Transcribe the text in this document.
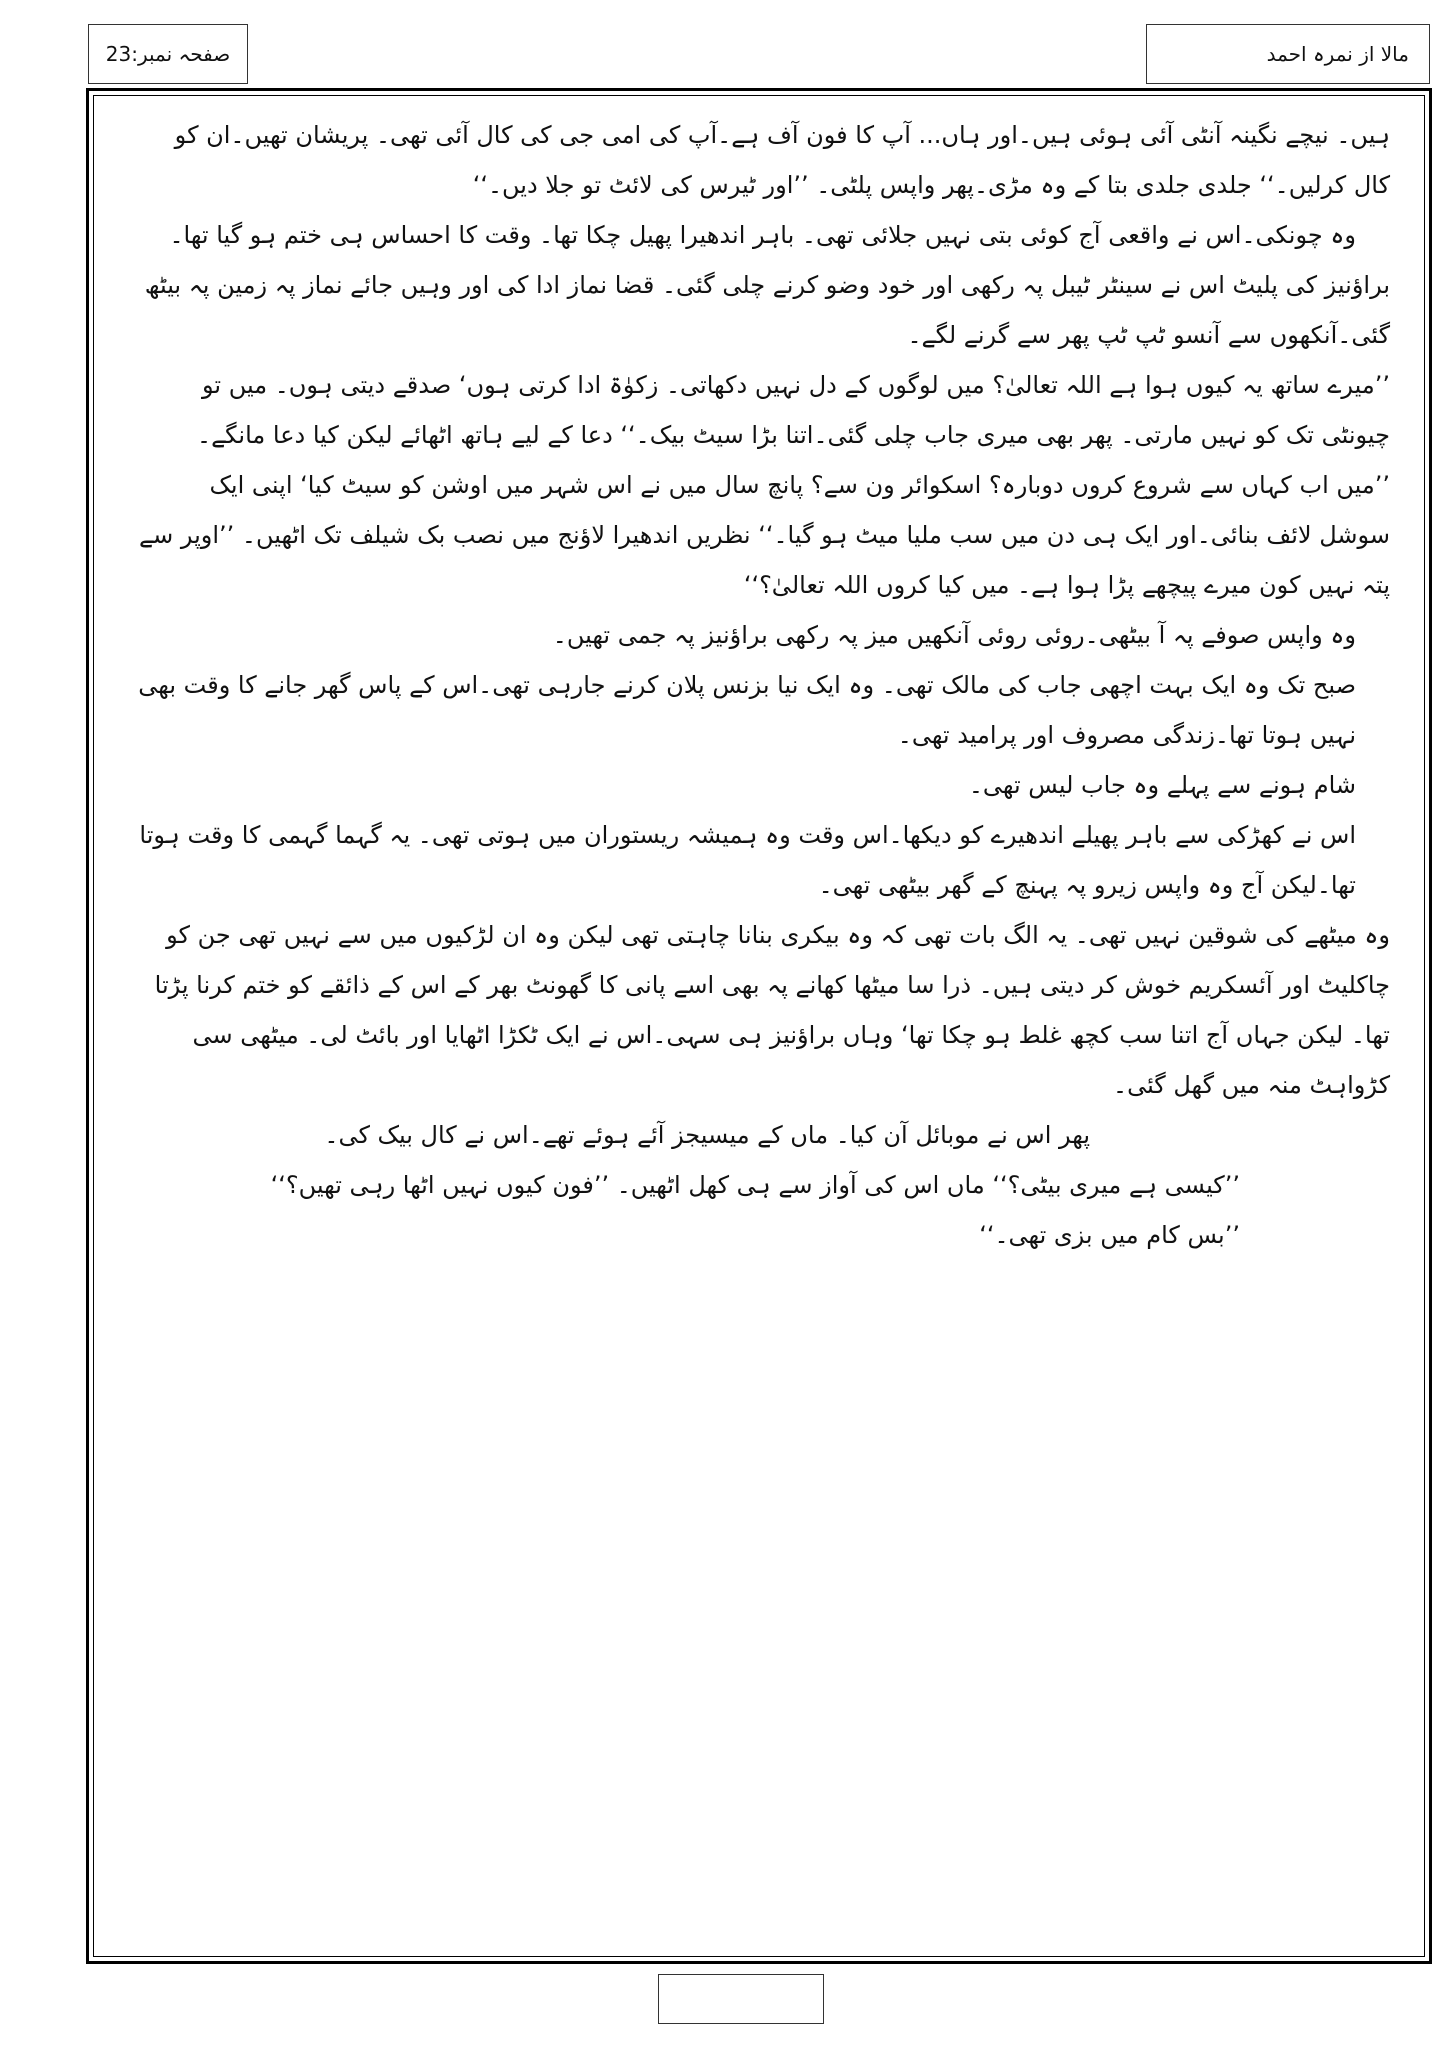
صفحہ نمبر:23	مالا از نمرہ احمد

ہیں۔ نیچے نگینہ آنٹی آئی ہوئی ہیں۔اور ہاں... آپ کا فون آف ہے۔آپ کی امی جی کی کال آئی تھی۔ پریشان تھیں۔ان کو کال کرلیں۔‘‘ جلدی جلدی بتا کے وہ مڑی۔پھر واپس پلٹی۔ ’’اور ٹیرس کی لائٹ تو جلا دیں۔‘‘

وہ چونکی۔اس نے واقعی آج کوئی بتی نہیں جلائی تھی۔ باہر اندھیرا پھیل چکا تھا۔ وقت کا احساس ہی ختم ہو گیا تھا۔

براؤنیز کی پلیٹ اس نے سینٹر ٹیبل پہ رکھی اور خود وضو کرنے چلی گئی۔ قضا نماز ادا کی اور وہیں جائے نماز پہ زمین پہ بیٹھ گئی۔آنکھوں سے آنسو ٹپ ٹپ پھر سے گرنے لگے۔

’’میرے ساتھ یہ کیوں ہوا ہے اللہ تعالیٰ؟ میں لوگوں کے دل نہیں دکھاتی۔ زکوٰۃ ادا کرتی ہوں‘ صدقے دیتی ہوں۔ میں تو چیونٹی تک کو نہیں مارتی۔ پھر بھی میری جاب چلی گئی۔اتنا بڑا سیٹ بیک۔‘‘ دعا کے لیے ہاتھ اٹھائے لیکن کیا دعا مانگے۔ ’’میں اب کہاں سے شروع کروں دوبارہ؟ اسکوائر ون سے؟ پانچ سال میں نے اس شہر میں اوشن کو سیٹ کیا‘ اپنی ایک سوشل لائف بنائی۔اور ایک ہی دن میں سب ملیا میٹ ہو گیا۔‘‘ نظریں اندھیرا لاؤنج میں نصب بک شیلف تک اٹھیں۔ ’’اوپر سے پتہ نہیں کون میرے پیچھے پڑا ہوا ہے۔ میں کیا کروں اللہ تعالیٰ؟‘‘

وہ واپس صوفے پہ آ بیٹھی۔روئی روئی آنکھیں میز پہ رکھی براؤنیز پہ جمی تھیں۔

صبح تک وہ ایک بہت اچھی جاب کی مالک تھی۔ وہ ایک نیا بزنس پلان کرنے جارہی تھی۔اس کے پاس گھر جانے کا وقت بھی نہیں ہوتا تھا۔زندگی مصروف اور پرامید تھی۔

شام ہونے سے پہلے وہ جاب لیس تھی۔

اس نے کھڑکی سے باہر پھیلے اندھیرے کو دیکھا۔اس وقت وہ ہمیشہ ریستوران میں ہوتی تھی۔ یہ گہما گہمی کا وقت ہوتا تھا۔لیکن آج وہ واپس زیرو پہ پہنچ کے گھر بیٹھی تھی۔

وہ میٹھے کی شوقین نہیں تھی۔ یہ الگ بات تھی کہ وہ بیکری بنانا چاہتی تھی لیکن وہ ان لڑکیوں میں سے نہیں تھی جن کو چاکلیٹ اور آئسکریم خوش کر دیتی ہیں۔ ذرا سا میٹھا کھانے پہ بھی اسے پانی کا گھونٹ بھر کے اس کے ذائقے کو ختم کرنا پڑتا تھا۔ لیکن جہاں آج اتنا سب کچھ غلط ہو چکا تھا‘ وہاں براؤنیز ہی سہی۔اس نے ایک ٹکڑا اٹھایا اور بائٹ لی۔ میٹھی سی کڑواہٹ منہ میں گھل گئی۔

پھر اس نے موبائل آن کیا۔ ماں کے میسیجز آئے ہوئے تھے۔اس نے کال بیک کی۔

’’کیسی ہے میری بیٹی؟‘‘ ماں اس کی آواز سے ہی کھل اٹھیں۔ ’’فون کیوں نہیں اٹھا رہی تھیں؟‘‘

’’بس کام میں بزی تھی۔‘‘
